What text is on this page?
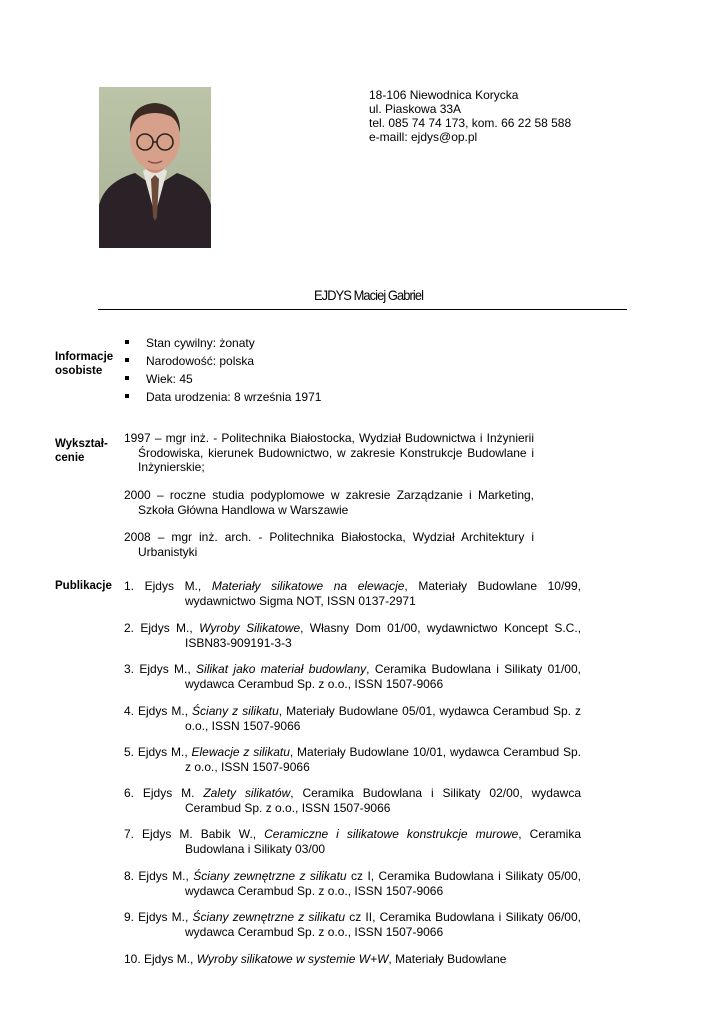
18-106 Niewodnica Korycka
ul. Piaskowa 33A
tel. 085 74 74 173, kom. 66 22 58 588
e-maill: ejdys@op.pl
EJDYS Maciej Gabriel
Informacje
osobiste
Stan cywilny: żonaty
Narodowość: polska
Wiek: 45
Data urodzenia: 8 września 1971
Wykształ-
cenie
1997 – mgr inż. - Politechnika Białostocka, Wydział Budownictwa i Inżynierii Środowiska, kierunek Budownictwo, w zakresie Konstrukcje Budowlane i Inżynierskie;
2000 – roczne studia podyplomowe w zakresie Zarządzanie i Marketing, Szkoła Główna Handlowa w Warszawie
2008 – mgr inż. arch. - Politechnika Białostocka, Wydział Architektury i Urbanistyki
Publikacje 1. Ejdys M., Materiały silikatowe na elewacje, Materiały Budowlane 10/99, wydawnictwo Sigma NOT, ISSN 0137-2971
2. Ejdys M., Wyroby Silikatowe, Własny Dom 01/00, wydawnictwo Koncept S.C., ISBN83-909191-3-3
3. Ejdys M., Silikat jako materiał budowlany, Ceramika Budowlana i Silikaty 01/00, wydawca Cerambud Sp. z o.o., ISSN 1507-9066
4. Ejdys M., Ściany z silikatu, Materiały Budowlane 05/01, wydawca Cerambud Sp. z o.o., ISSN 1507-9066
5. Ejdys M., Elewacje z silikatu, Materiały Budowlane 10/01, wydawca Cerambud Sp. z o.o., ISSN 1507-9066
6. Ejdys M. Zalety silikatów, Ceramika Budowlana i Silikaty 02/00, wydawca Cerambud Sp. z o.o., ISSN 1507-9066
7. Ejdys M. Babik W., Ceramiczne i silikatowe konstrukcje murowe, Ceramika Budowlana i Silikaty 03/00
8. Ejdys M., Ściany zewnętrzne z silikatu cz I, Ceramika Budowlana i Silikaty 05/00, wydawca Cerambud Sp. z o.o., ISSN 1507-9066
9. Ejdys M., Ściany zewnętrzne z silikatu cz II, Ceramika Budowlana i Silikaty 06/00, wydawca Cerambud Sp. z o.o., ISSN 1507-9066
10. Ejdys M., Wyroby silikatowe w systemie W+W, Materiały Budowlane
